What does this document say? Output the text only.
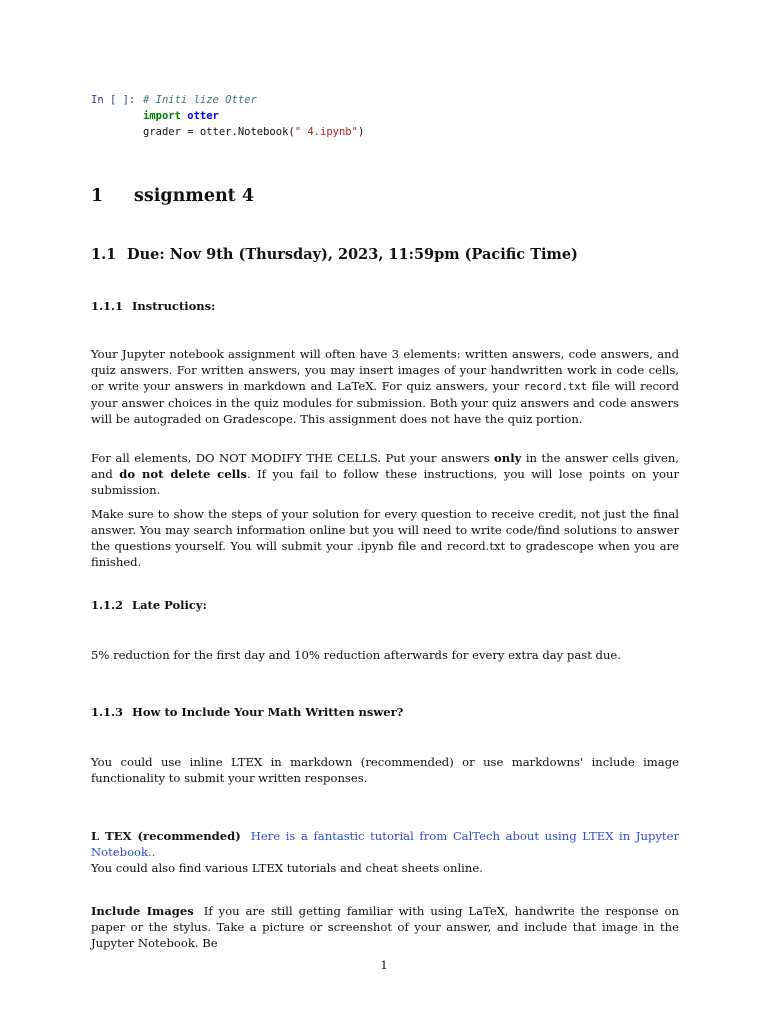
In [ ]: # Initi lize Otter
import otter
grader = otter.Notebook(" 4.ipynb")
1 ssignment 4
1.1 Due: Nov 9th (Thursday), 2023, 11:59pm (Pacific Time)
1.1.1 Instructions:
Your Jupyter notebook assignment will often have 3 elements: written answers, code answers, and quiz answers. For written answers, you may insert images of your handwritten work in code cells, or write your answers in markdown and LaTeX. For quiz answers, your record.txt file will record your answer choices in the quiz modules for submission. Both your quiz answers and code answers will be autograded on Gradescope. This assignment does not have the quiz portion.
For all elements, DO NOT MODIFY THE CELLS. Put your answers only in the answer cells given, and do not delete cells. If you fail to follow these instructions, you will lose points on your submission.
Make sure to show the steps of your solution for every question to receive credit, not just the final answer. You may search information online but you will need to write code/find solutions to answer the questions yourself. You will submit your .ipynb file and record.txt to gradescope when you are finished.
1.1.2 Late Policy:
5% reduction for the first day and 10% reduction afterwards for every extra day past due.
1.1.3 How to Include Your Math Written nswer?
You could use inline LTEX in markdown (recommended) or use markdowns' include image functionality to submit your written responses.
L TEX (recommended) Here is a fantastic tutorial from CalTech about using LTEX in Jupyter Notebook..
You could also find various LTEX tutorials and cheat sheets online.
Include Images If you are still getting familiar with using LaTeX, handwrite the response on paper or the stylus. Take a picture or screenshot of your answer, and include that image in the Jupyter Notebook. Be
1
